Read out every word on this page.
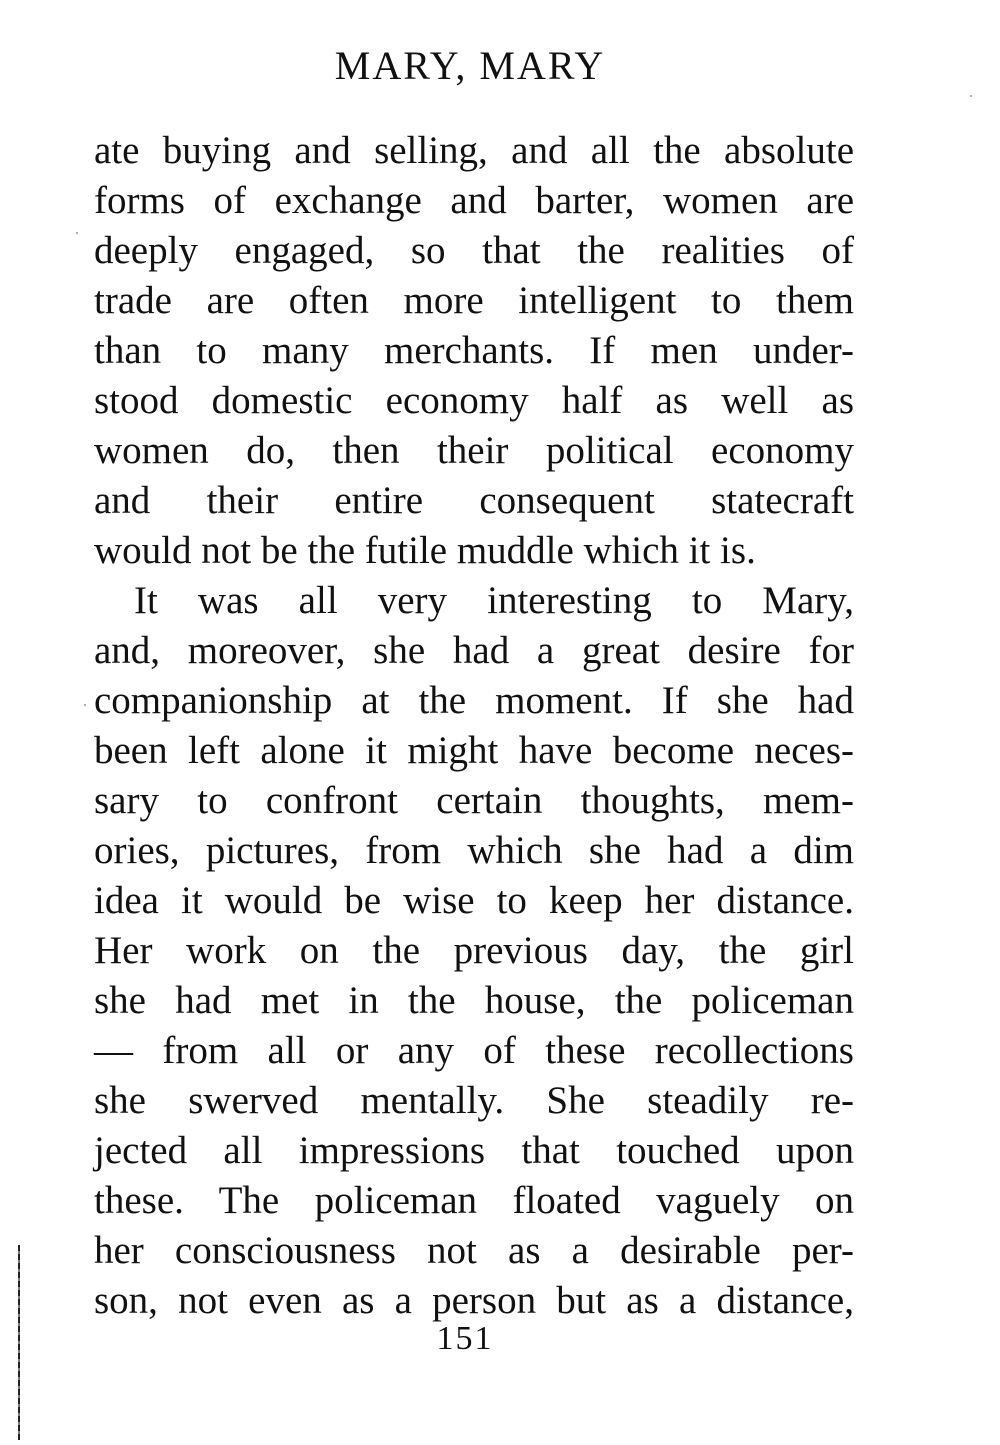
MARY, MARY
ate buying and selling, and all the absolute
forms of exchange and barter, women are
deeply engaged, so that the realities of
trade are often more intelligent to them
than to many merchants. If men under-
stood domestic economy half as well as
women do, then their political economy
and their entire consequent statecraft
would not be the futile muddle which it is.
It was all very interesting to Mary,
and, moreover, she had a great desire for
companionship at the moment. If she had
been left alone it might have become neces-
sary to confront certain thoughts, mem-
ories, pictures, from which she had a dim
idea it would be wise to keep her distance.
Her work on the previous day, the girl
she had met in the house, the policeman
— from all or any of these recollections
she swerved mentally. She steadily re-
jected all impressions that touched upon
these. The policeman floated vaguely on
her consciousness not as a desirable per-
son, not even as a person but as a distance,
151
